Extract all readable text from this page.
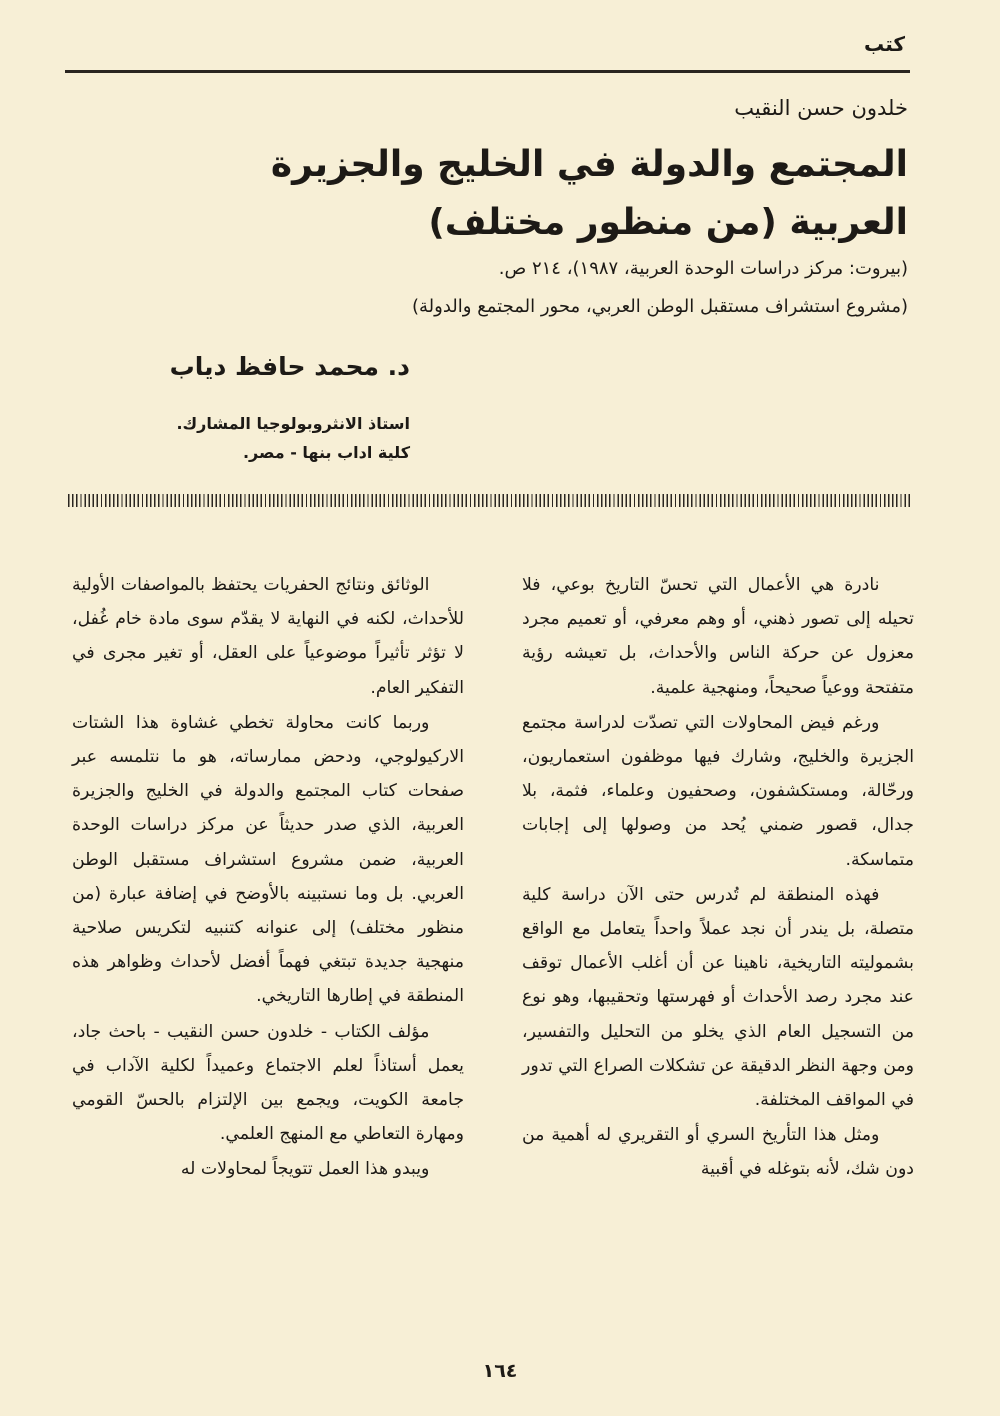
كتب
خلدون حسن النقيب
المجتمع والدولة في الخليج والجزيرة
العربية (من منظور مختلف)
(بيروت: مركز دراسات الوحدة العربية، ١٩٨٧)، ٢١٤ ص.
(مشروع استشراف مستقبل الوطن العربي، محور المجتمع والدولة)
د. محمد حافظ دياب
استاذ الانثروبولوجيا المشارك.
كلية اداب بنها - مصر.

نادرة هي الأعمال التي تحسّ التاريخ بوعي، فلا تحيله إلى تصور ذهني، أو وهم معرفي، أو تعميم مجرد معزول عن حركة الناس والأحداث، بل تعيشه رؤية متفتحة ووعياً صحيحاً، ومنهجية علمية.

ورغم فيض المحاولات التي تصدّت لدراسة مجتمع الجزيرة والخليج، وشارك فيها موظفون استعماريون، ورحّالة، ومستكشفون، وصحفيون وعلماء، فثمة، بلا جدال، قصور ضمني يُحد من وصولها إلى إجابات متماسكة.

فهذه المنطقة لم تُدرس حتى الآن دراسة كلية متصلة، بل يندر أن نجد عملاً واحداً يتعامل مع الواقع بشموليته التاريخية، ناهينا عن أن أغلب الأعمال توقف عند مجرد رصد الأحداث أو فهرستها وتحقيبها، وهو نوع من التسجيل العام الذي يخلو من التحليل والتفسير، ومن وجهة النظر الدقيقة عن تشكلات الصراع التي تدور في المواقف المختلفة.

ومثل هذا التأريخ السري أو التقريري له أهمية من دون شك، لأنه بتوغله في أقبية

الوثائق ونتائج الحفريات يحتفظ بالمواصفات الأولية للأحداث، لكنه في النهاية لا يقدّم سوى مادة خام غُفل، لا تؤثر تأثيراً موضوعياً على العقل، أو تغير مجرى في التفكير العام.

وربما كانت محاولة تخطي غشاوة هذا الشتات الاركيولوجي، ودحض ممارساته، هو ما نتلمسه عبر صفحات كتاب المجتمع والدولة في الخليج والجزيرة العربية، الذي صدر حديثاً عن مركز دراسات الوحدة العربية، ضمن مشروع استشراف مستقبل الوطن العربي. بل وما نستبينه بالأوضح في إضافة عبارة (من منظور مختلف) إلى عنوانه كتنبيه لتكريس صلاحية منهجية جديدة تبتغي فهماً أفضل لأحداث وظواهر هذه المنطقة في إطارها التاريخي.

مؤلف الكتاب - خلدون حسن النقيب - باحث جاد، يعمل أستاذاً لعلم الاجتماع وعميداً لكلية الآداب في جامعة الكويت، ويجمع بين الإلتزام بالحسّ القومي ومهارة التعاطي مع المنهج العلمي.

ويبدو هذا العمل تتويجاً لمحاولات له

١٦٤
